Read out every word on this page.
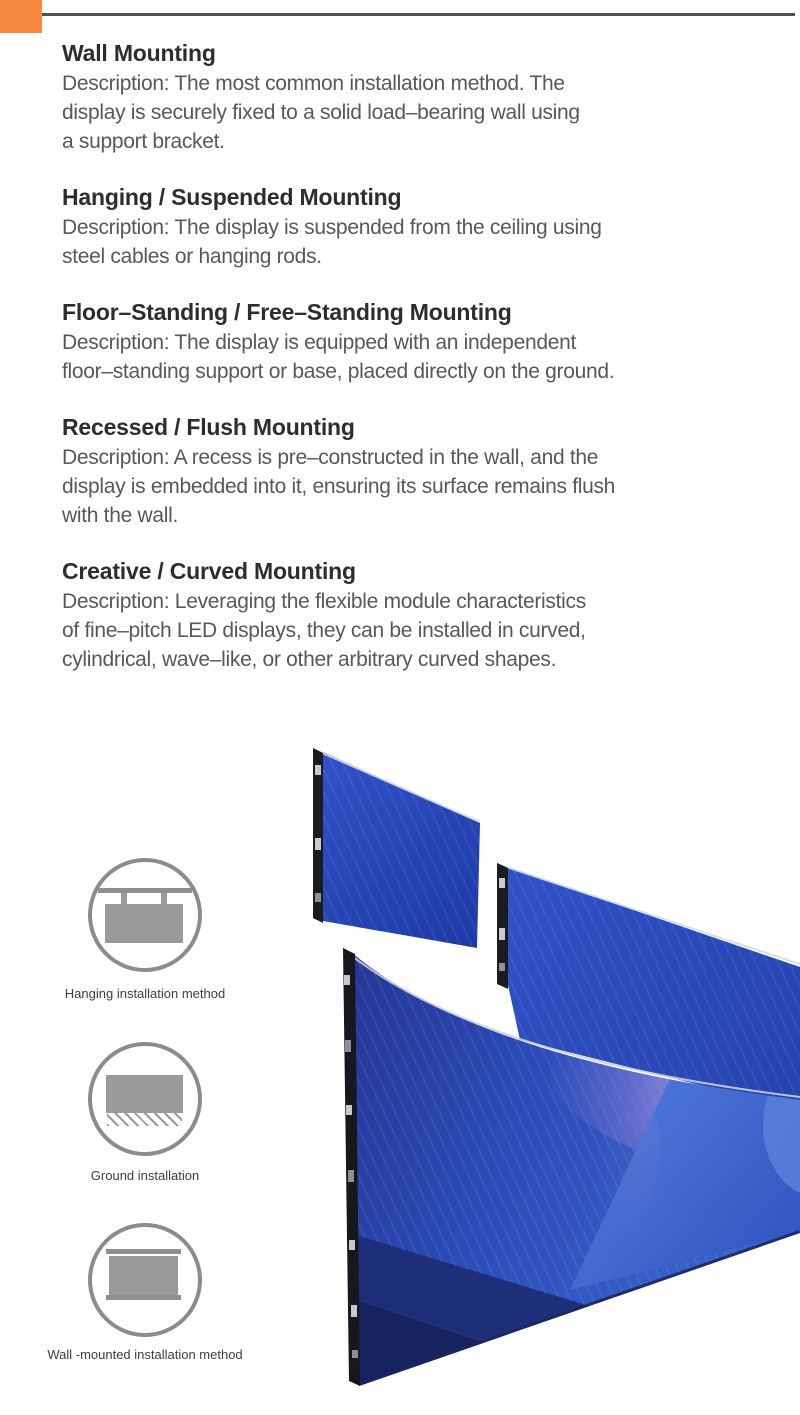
Wall Mounting
Description: The most common installation method. The
display is securely fixed to a solid load–bearing wall using
a support bracket.
Hanging / Suspended Mounting
Description: The display is suspended from the ceiling using
steel cables or hanging rods.
Floor–Standing / Free–Standing Mounting
Description: The display is equipped with an independent
floor–standing support or base, placed directly on the ground.
Recessed / Flush Mounting
Description: A recess is pre–constructed in the wall, and the
display is embedded into it, ensuring its surface remains flush
with the wall.
Creative / Curved Mounting
Description: Leveraging the flexible module characteristics
of fine–pitch LED displays, they can be installed in curved,
cylindrical, wave–like, or other arbitrary curved shapes.
Hanging installation method
Ground installation
Wall -mounted installation method
